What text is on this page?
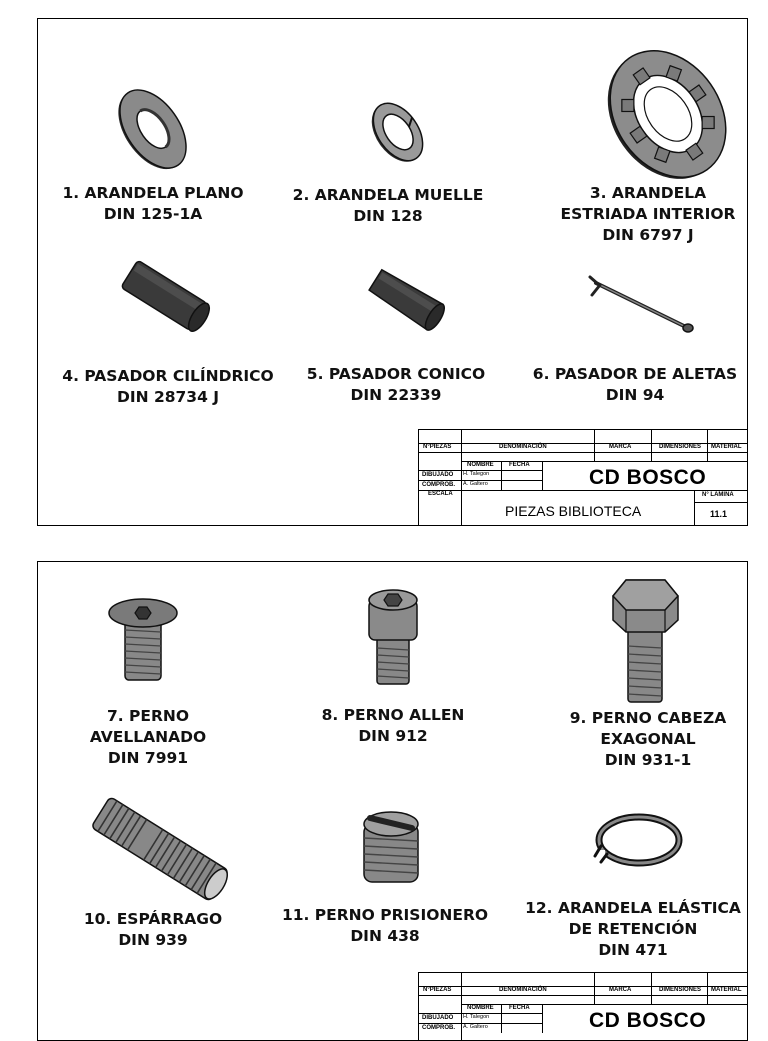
1. ARANDELA PLANO
DIN 125-1A
2. ARANDELA MUELLE
DIN 128
3. ARANDELA
ESTRIADA INTERIOR
DIN 6797 J
4. PASADOR CILÍNDRICO
DIN 28734 J
5. PASADOR CONICO
DIN 22339
6. PASADOR DE ALETAS
DIN 94
N°PIEZAS	DENOMINACIÓN	MARCA	DIMENSIONES MATERIAL
NOMBRE	FECHA
DIBUJADO H. Talegon
COMPROB. A. Galtero	CD BOSCO
ESCALA
PIEZAS BIBLIOTECA
N° LAMINA
11.1
7. PERNO
AVELLANADO
DIN 7991
8. PERNO ALLEN
DIN 912
9. PERNO CABEZA
EXAGONAL
DIN 931-1
10. ESPÁRRAGO
DIN 939
11. PERNO PRISIONERO
DIN 438
12. ARANDELA ELÁSTICA
DE RETENCIÓN
DIN 471
N°PIEZAS	DENOMINACIÓN	MARCA	DIMENSIONES MATERIAL
NOMBRE	FECHA
DIBUJADO H. Talegon
COMPROB. A. Galtero	CD BOSCO
